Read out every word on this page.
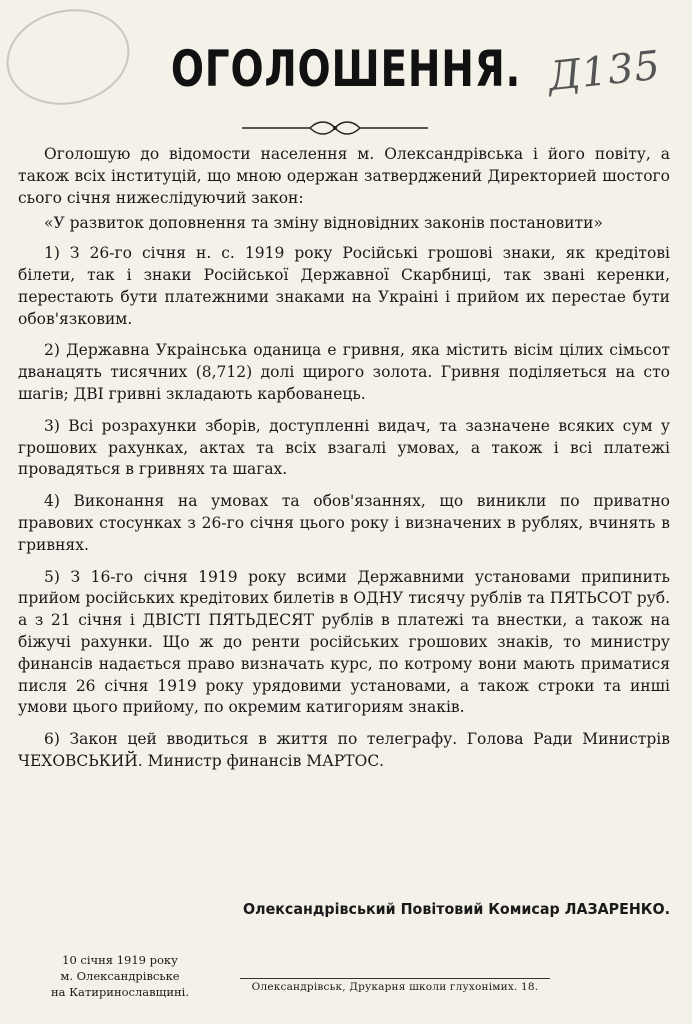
Д135
ОГОЛОШЕННЯ.

Оголошую до відомости населення м. Олександрівська і його повіту, а також всіх інституцій, що мною одержан затверджений Директорией шостого сього січня нижеслідуючий закон:

«У развиток доповнення та зміну відновідних законів постановити»

1) З 26-го січня н. с. 1919 року Російські грошові знаки, як кредітові білети, так і знаки Російської Державної Скарбниці, так звані керенки, перестають бути платежними знаками на Украіні і прийом их перестае бути обов'язковим.

2) Державна Украінська оданица е гривня, яка містить вісім цілих сімьсот дванацять тисячних (8,712) долі щирого золота. Гривня поділяеться на сто шагів; ДВІ гривні зкладають карбованець.

3) Всі розрахунки зборів, доступленні видач, та зазначене всяких сум у грошових рахунках, актах та всіх взагалі умовах, а також і всі платежі провадяться в гривнях та шагах.

4) Виконання на умовах та обов'язаннях, що виникли по приватно правових стосунках з 26-го січня цього року і визначених в рублях, вчинять в гривнях.

5) З 16-го січня 1919 року всими Державними установами припинить прийом російських кредітових билетів в ОДНУ тисячу рублів та ПЯТЬСОТ руб. а з 21 січня і ДВІСТІ ПЯТЬДЕСЯТ рублів в платежі та внестки, а також на біжучі рахунки. Що ж до ренти російських грошових знаків, то министру финансів надається право визначать курс, по котрому вони мають приматися писля 26 січня 1919 року урядовими установами, а також строки та инші умови цього прийому, по окремим катигориям знаків.

6) Закон цей вводиться в життя по телеграфу. Голова Ради Министрів ЧЕХОВСЬКИЙ. Министр финансів МАРТОС.

Олександрівський Повітовий Комисар ЛАЗАРЕНКО.
10 січня 1919 року
м. Олександрівське
на Катиринославщині.	Олександрівськ, Друкарня школи глухонімих. 18.
